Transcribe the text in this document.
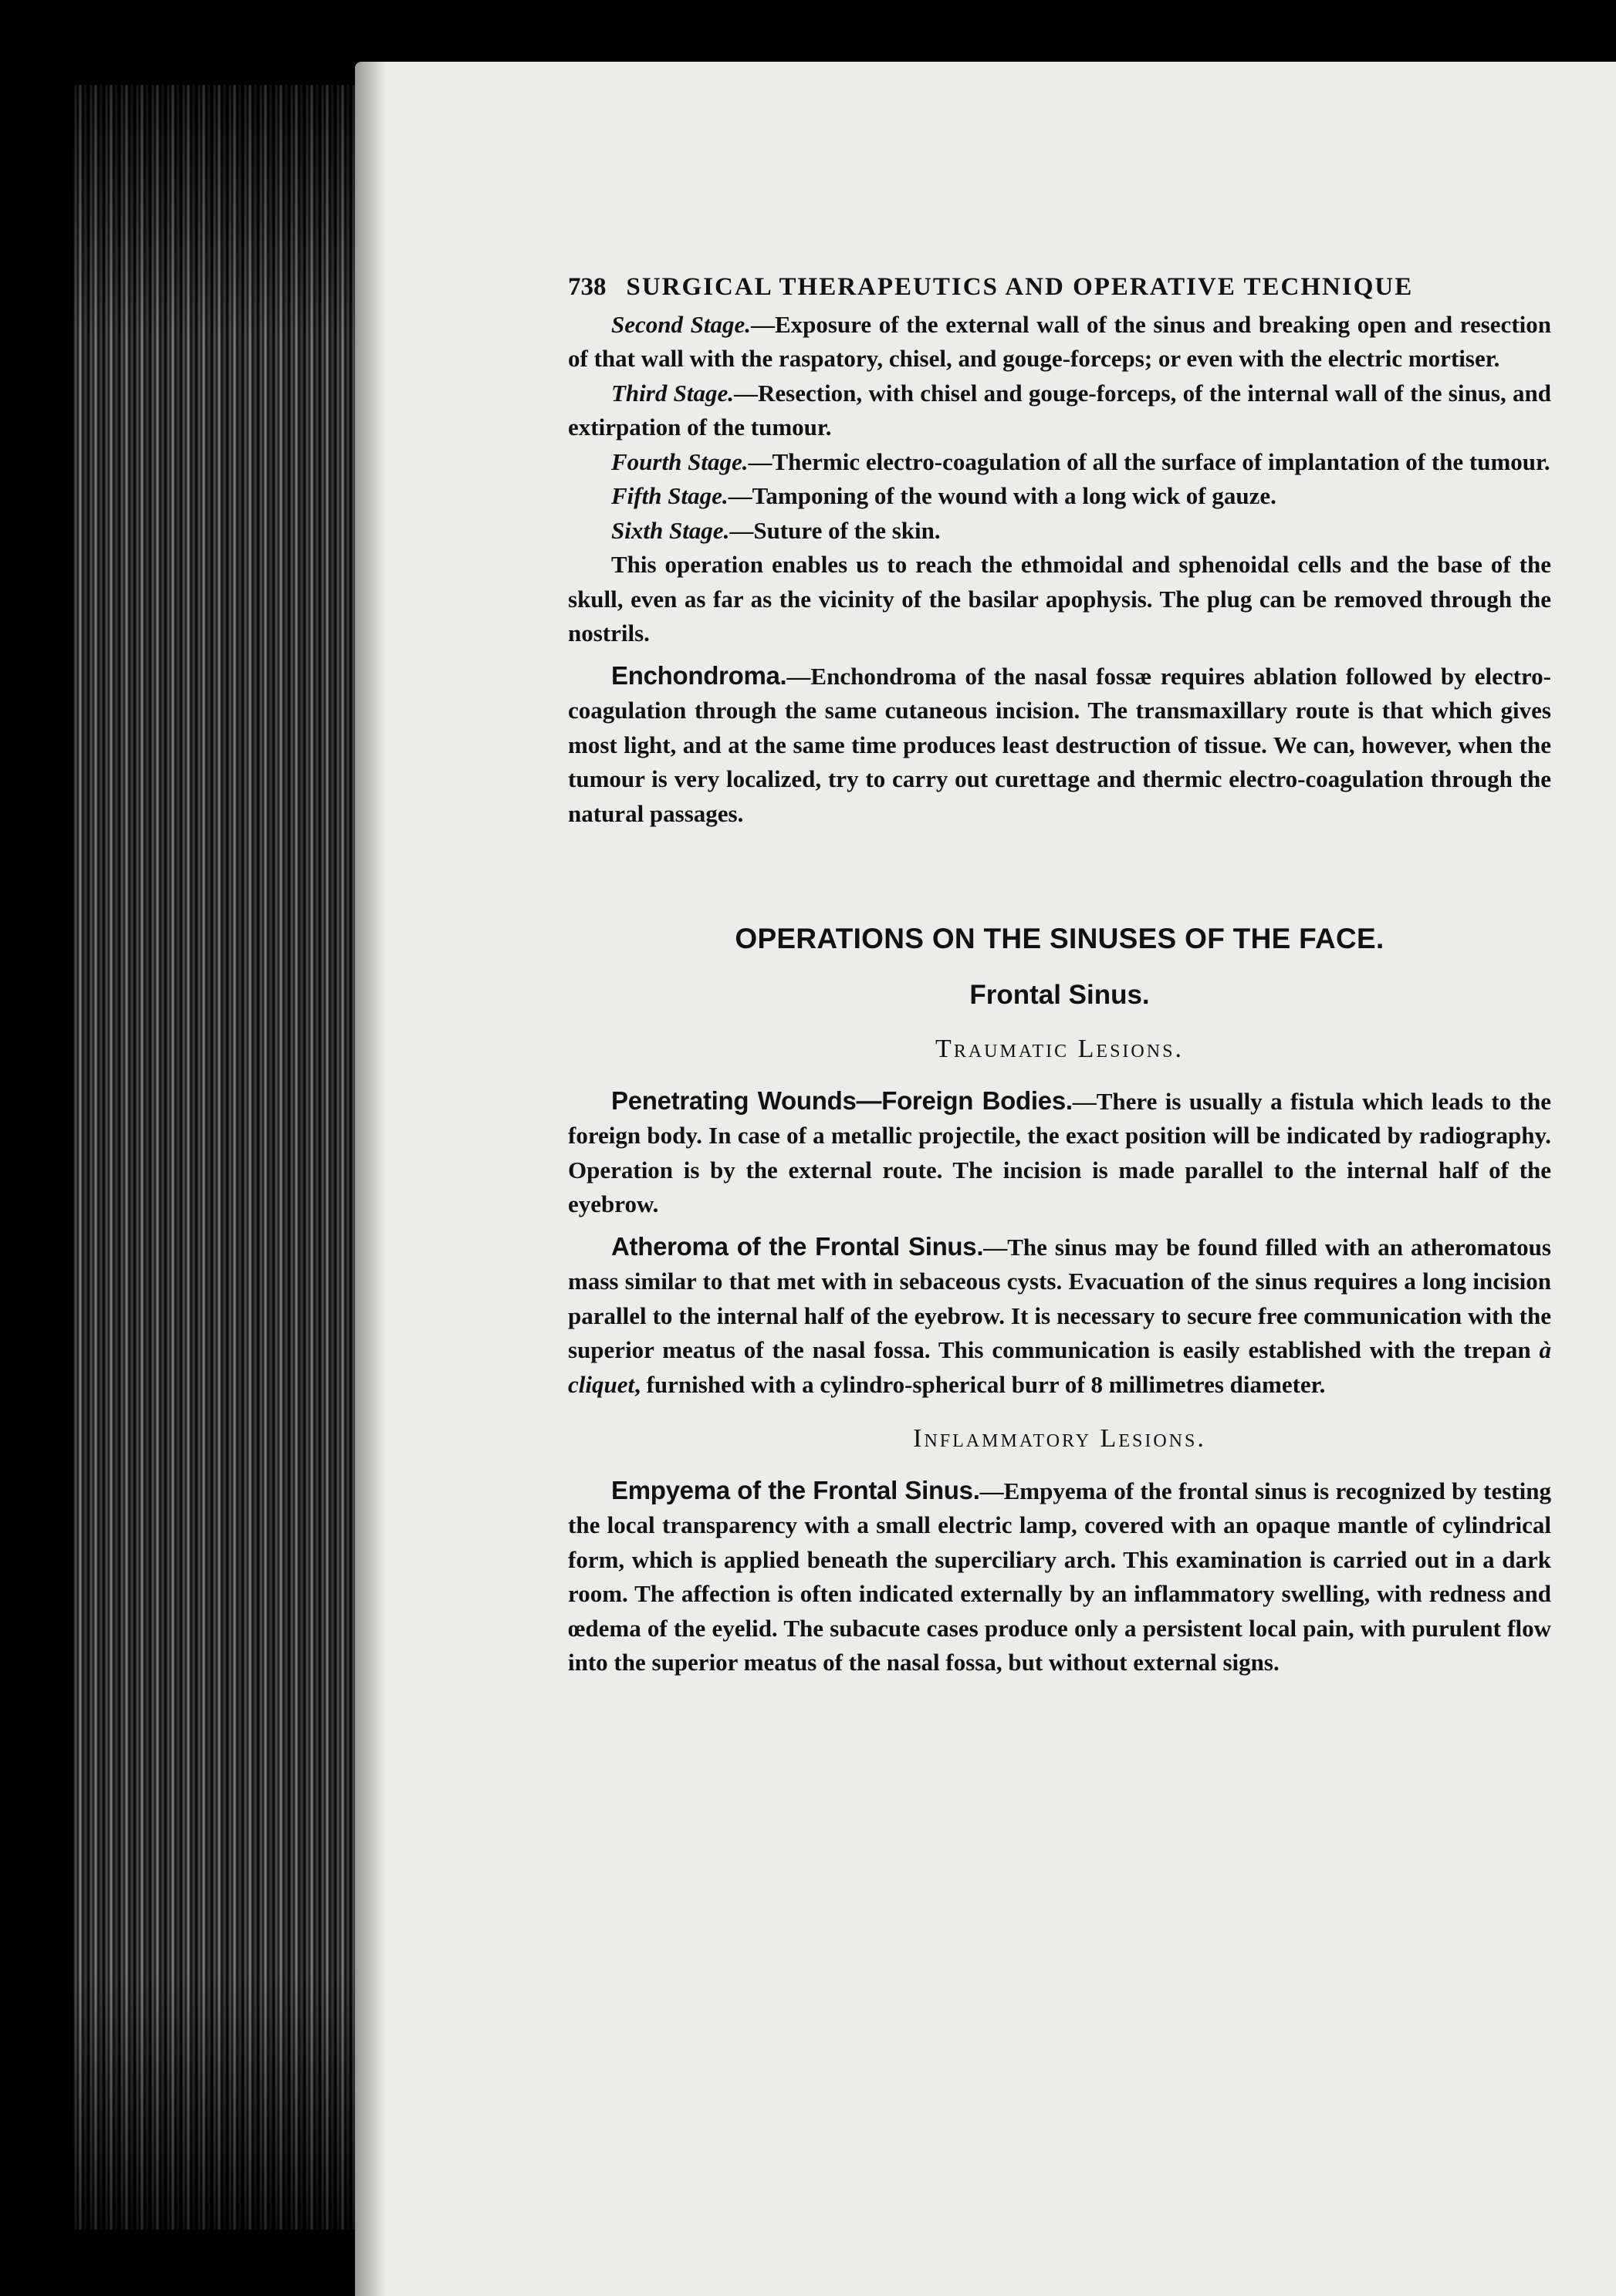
738 SURGICAL THERAPEUTICS AND OPERATIVE TECHNIQUE

Second Stage.—Exposure of the external wall of the sinus and breaking open and resection of that wall with the raspatory, chisel, and gouge-forceps; or even with the electric mortiser.

Third Stage.—Resection, with chisel and gouge-forceps, of the internal wall of the sinus, and extirpation of the tumour.

Fourth Stage.—Thermic electro-coagulation of all the surface of implantation of the tumour.

Fifth Stage.—Tamponing of the wound with a long wick of gauze.

Sixth Stage.—Suture of the skin.

This operation enables us to reach the ethmoidal and sphenoidal cells and the base of the skull, even as far as the vicinity of the basilar apophysis. The plug can be removed through the nostrils.

Enchondroma.—Enchondroma of the nasal fossæ requires ablation followed by electro-coagulation through the same cutaneous incision. The transmaxillary route is that which gives most light, and at the same time produces least destruction of tissue. We can, however, when the tumour is very localized, try to carry out curettage and thermic electro-coagulation through the natural passages.

OPERATIONS ON THE SINUSES OF THE FACE.
Frontal Sinus.
Traumatic Lesions.

Penetrating Wounds—Foreign Bodies.—There is usually a fistula which leads to the foreign body. In case of a metallic projectile, the exact position will be indicated by radiography. Operation is by the external route. The incision is made parallel to the internal half of the eyebrow.

Atheroma of the Frontal Sinus.—The sinus may be found filled with an atheromatous mass similar to that met with in sebaceous cysts. Evacuation of the sinus requires a long incision parallel to the internal half of the eyebrow. It is necessary to secure free communication with the superior meatus of the nasal fossa. This communication is easily established with the trepan à cliquet, furnished with a cylindro-spherical burr of 8 millimetres diameter.

Inflammatory Lesions.

Empyema of the Frontal Sinus.—Empyema of the frontal sinus is recognized by testing the local transparency with a small electric lamp, covered with an opaque mantle of cylindrical form, which is applied beneath the superciliary arch. This examination is carried out in a dark room. The affection is often indicated externally by an inflammatory swelling, with redness and œdema of the eyelid. The subacute cases produce only a persistent local pain, with purulent flow into the superior meatus of the nasal fossa, but without external signs.
